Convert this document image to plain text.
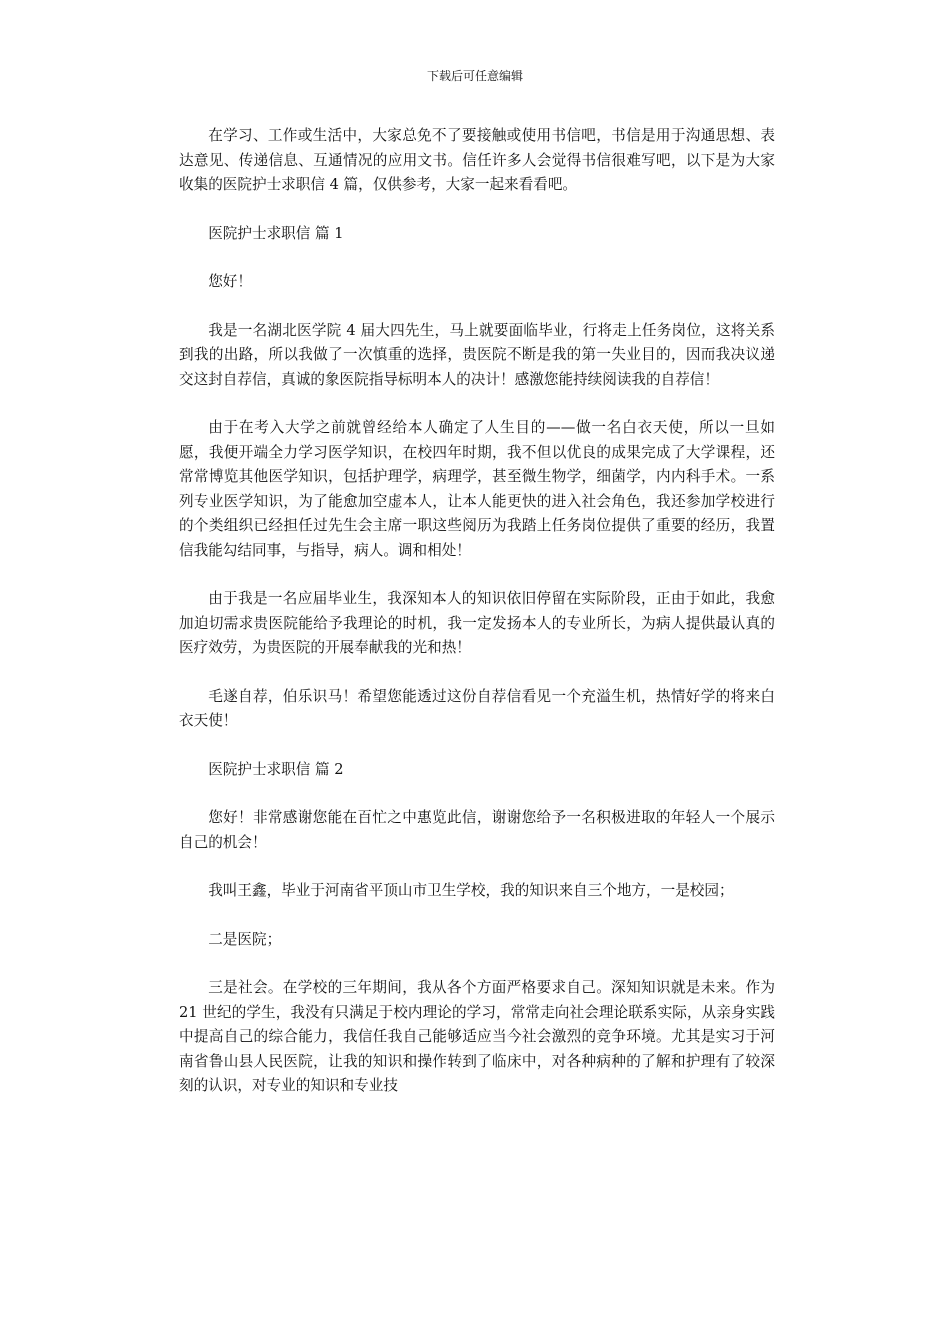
下载后可任意编辑

在学习、工作或生活中，大家总免不了要接触或使用书信吧，书信是用于沟通思想、表达意见、传递信息、互通情况的应用文书。信任许多人会觉得书信很难写吧，以下是为大家收集的医院护士求职信 4 篇，仅供参考，大家一起来看看吧。

医院护士求职信 篇 1

您好！

我是一名湖北医学院 4 届大四先生，马上就要面临毕业，行将走上任务岗位，这将关系到我的出路，所以我做了一次慎重的选择，贵医院不断是我的第一失业目的，因而我决议递交这封自荐信，真诚的象医院指导标明本人的决计！感激您能持续阅读我的自荐信！

由于在考入大学之前就曾经给本人确定了人生目的——做一名白衣天使，所以一旦如愿，我便开端全力学习医学知识，在校四年时期，我不但以优良的成果完成了大学课程，还常常博览其他医学知识，包括护理学，病理学，甚至微生物学，细菌学，内内科手术。一系列专业医学知识，为了能愈加空虚本人，让本人能更快的进入社会角色，我还参加学校进行的个类组织已经担任过先生会主席一职这些阅历为我踏上任务岗位提供了重要的经历，我置信我能勾结同事，与指导，病人。调和相处！

由于我是一名应届毕业生，我深知本人的知识依旧停留在实际阶段，正由于如此，我愈加迫切需求贵医院能给予我理论的时机，我一定发扬本人的专业所长，为病人提供最认真的医疗效劳，为贵医院的开展奉献我的光和热！

毛遂自荐，伯乐识马！希望您能透过这份自荐信看见一个充溢生机，热情好学的将来白衣天使！

医院护士求职信 篇 2

您好！非常感谢您能在百忙之中惠览此信，谢谢您给予一名积极进取的年轻人一个展示自己的机会！

我叫王鑫，毕业于河南省平顶山市卫生学校，我的知识来自三个地方，一是校园；

二是医院；

三是社会。在学校的三年期间，我从各个方面严格要求自己。深知知识就是未来。作为 21 世纪的学生，我没有只满足于校内理论的学习，常常走向社会理论联系实际，从亲身实践中提高自己的综合能力，我信任我自己能够适应当今社会激烈的竞争环境。尤其是实习于河南省鲁山县人民医院，让我的知识和操作转到了临床中，对各种病种的了解和护理有了较深刻的认识，对专业的知识和专业技
